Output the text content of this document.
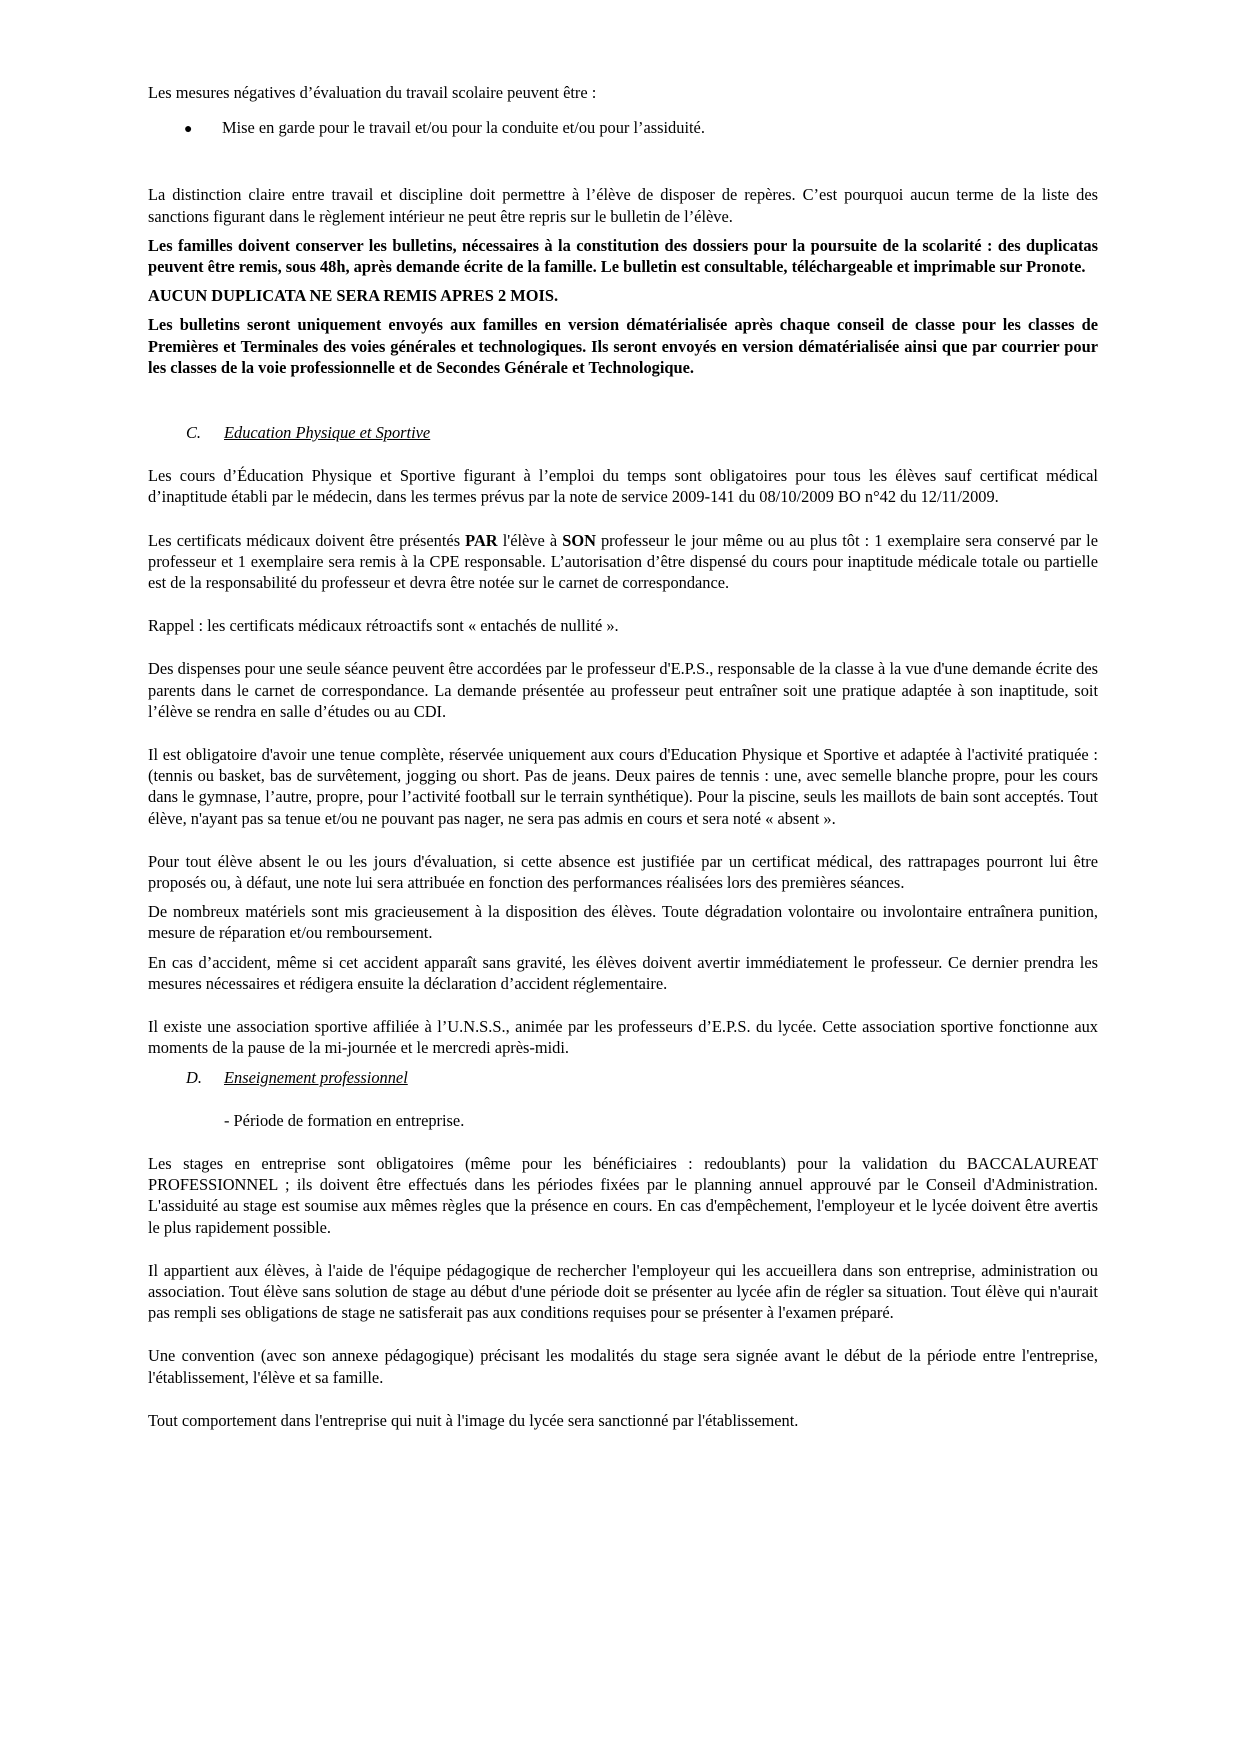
Les mesures négatives d’évaluation du travail scolaire peuvent être :

●	Mise en garde pour le travail et/ou pour la conduite et/ou pour l’assiduité.

La distinction claire entre travail et discipline doit permettre à l’élève de disposer de repères. C’est pourquoi aucun terme de la liste des sanctions figurant dans le règlement intérieur ne peut être repris sur le bulletin de l’élève.

Les familles doivent conserver les bulletins, nécessaires à la constitution des dossiers pour la poursuite de la scolarité : des duplicatas peuvent être remis, sous 48h, après demande écrite de la famille. Le bulletin est consultable, téléchargeable et imprimable sur Pronote.

AUCUN DUPLICATA NE SERA REMIS APRES 2 MOIS.

Les bulletins seront uniquement envoyés aux familles en version dématérialisée après chaque conseil de classe pour les classes de Premières et Terminales des voies générales et technologiques. Ils seront envoyés en version dématérialisée ainsi que par courrier pour les classes de la voie professionnelle et de Secondes Générale et Technologique.

C.	Education Physique et Sportive

Les cours d’Éducation Physique et Sportive figurant à l’emploi du temps sont obligatoires pour tous les élèves sauf certificat médical d’inaptitude établi par le médecin, dans les termes prévus par la note de service 2009-141 du 08/10/2009 BO n°42 du 12/11/2009.

Les certificats médicaux doivent être présentés PAR l'élève à SON professeur le jour même ou au plus tôt : 1 exemplaire sera conservé par le professeur et 1 exemplaire sera remis à la CPE responsable. L’autorisation d’être dispensé du cours pour inaptitude médicale totale ou partielle est de la responsabilité du professeur et devra être notée sur le carnet de correspondance.

Rappel : les certificats médicaux rétroactifs sont « entachés de nullité ».

Des dispenses pour une seule séance peuvent être accordées par le professeur d'E.P.S., responsable de la classe à la vue d'une demande écrite des parents dans le carnet de correspondance. La demande présentée au professeur peut entraîner soit une pratique adaptée à son inaptitude, soit l’élève se rendra en salle d’études ou au CDI.

Il est obligatoire d'avoir une tenue complète, réservée uniquement aux cours d'Education Physique et Sportive et adaptée à l'activité pratiquée : (tennis ou basket, bas de survêtement, jogging ou short. Pas de jeans. Deux paires de tennis : une, avec semelle blanche propre, pour les cours dans le gymnase, l’autre, propre, pour l’activité football sur le terrain synthétique). Pour la piscine, seuls les maillots de bain sont acceptés. Tout élève, n'ayant pas sa tenue et/ou ne pouvant pas nager, ne sera pas admis en cours et sera noté « absent ».

Pour tout élève absent le ou les jours d'évaluation, si cette absence est justifiée par un certificat médical, des rattrapages pourront lui être proposés ou, à défaut, une note lui sera attribuée en fonction des performances réalisées lors des premières séances.

De nombreux matériels sont mis gracieusement à la disposition des élèves. Toute dégradation volontaire ou involontaire entraînera punition, mesure de réparation et/ou remboursement.

En cas d’accident, même si cet accident apparaît sans gravité, les élèves doivent avertir immédiatement le professeur. Ce dernier prendra les mesures nécessaires et rédigera ensuite la déclaration d’accident réglementaire.

Il existe une association sportive affiliée à l’U.N.S.S., animée par les professeurs d’E.P.S. du lycée. Cette association sportive fonctionne aux moments de la pause de la mi-journée et le mercredi après-midi.

D.	Enseignement professionnel

- Période de formation en entreprise.

Les stages en entreprise sont obligatoires (même pour les bénéficiaires : redoublants) pour la validation du BACCALAUREAT PROFESSIONNEL ; ils doivent être effectués dans les périodes fixées par le planning annuel approuvé par le Conseil d'Administration. L'assiduité au stage est soumise aux mêmes règles que la présence en cours. En cas d'empêchement, l'employeur et le lycée doivent être avertis le plus rapidement possible.

Il appartient aux élèves, à l'aide de l'équipe pédagogique de rechercher l'employeur qui les accueillera dans son entreprise, administration ou association. Tout élève sans solution de stage au début d'une période doit se présenter au lycée afin de régler sa situation. Tout élève qui n'aurait pas rempli ses obligations de stage ne satisferait pas aux conditions requises pour se présenter à l'examen préparé.

Une convention (avec son annexe pédagogique) précisant les modalités du stage sera signée avant le début de la période entre l'entreprise, l'établissement, l'élève et sa famille.

Tout comportement dans l'entreprise qui nuit à l'image du lycée sera sanctionné par l'établissement.
